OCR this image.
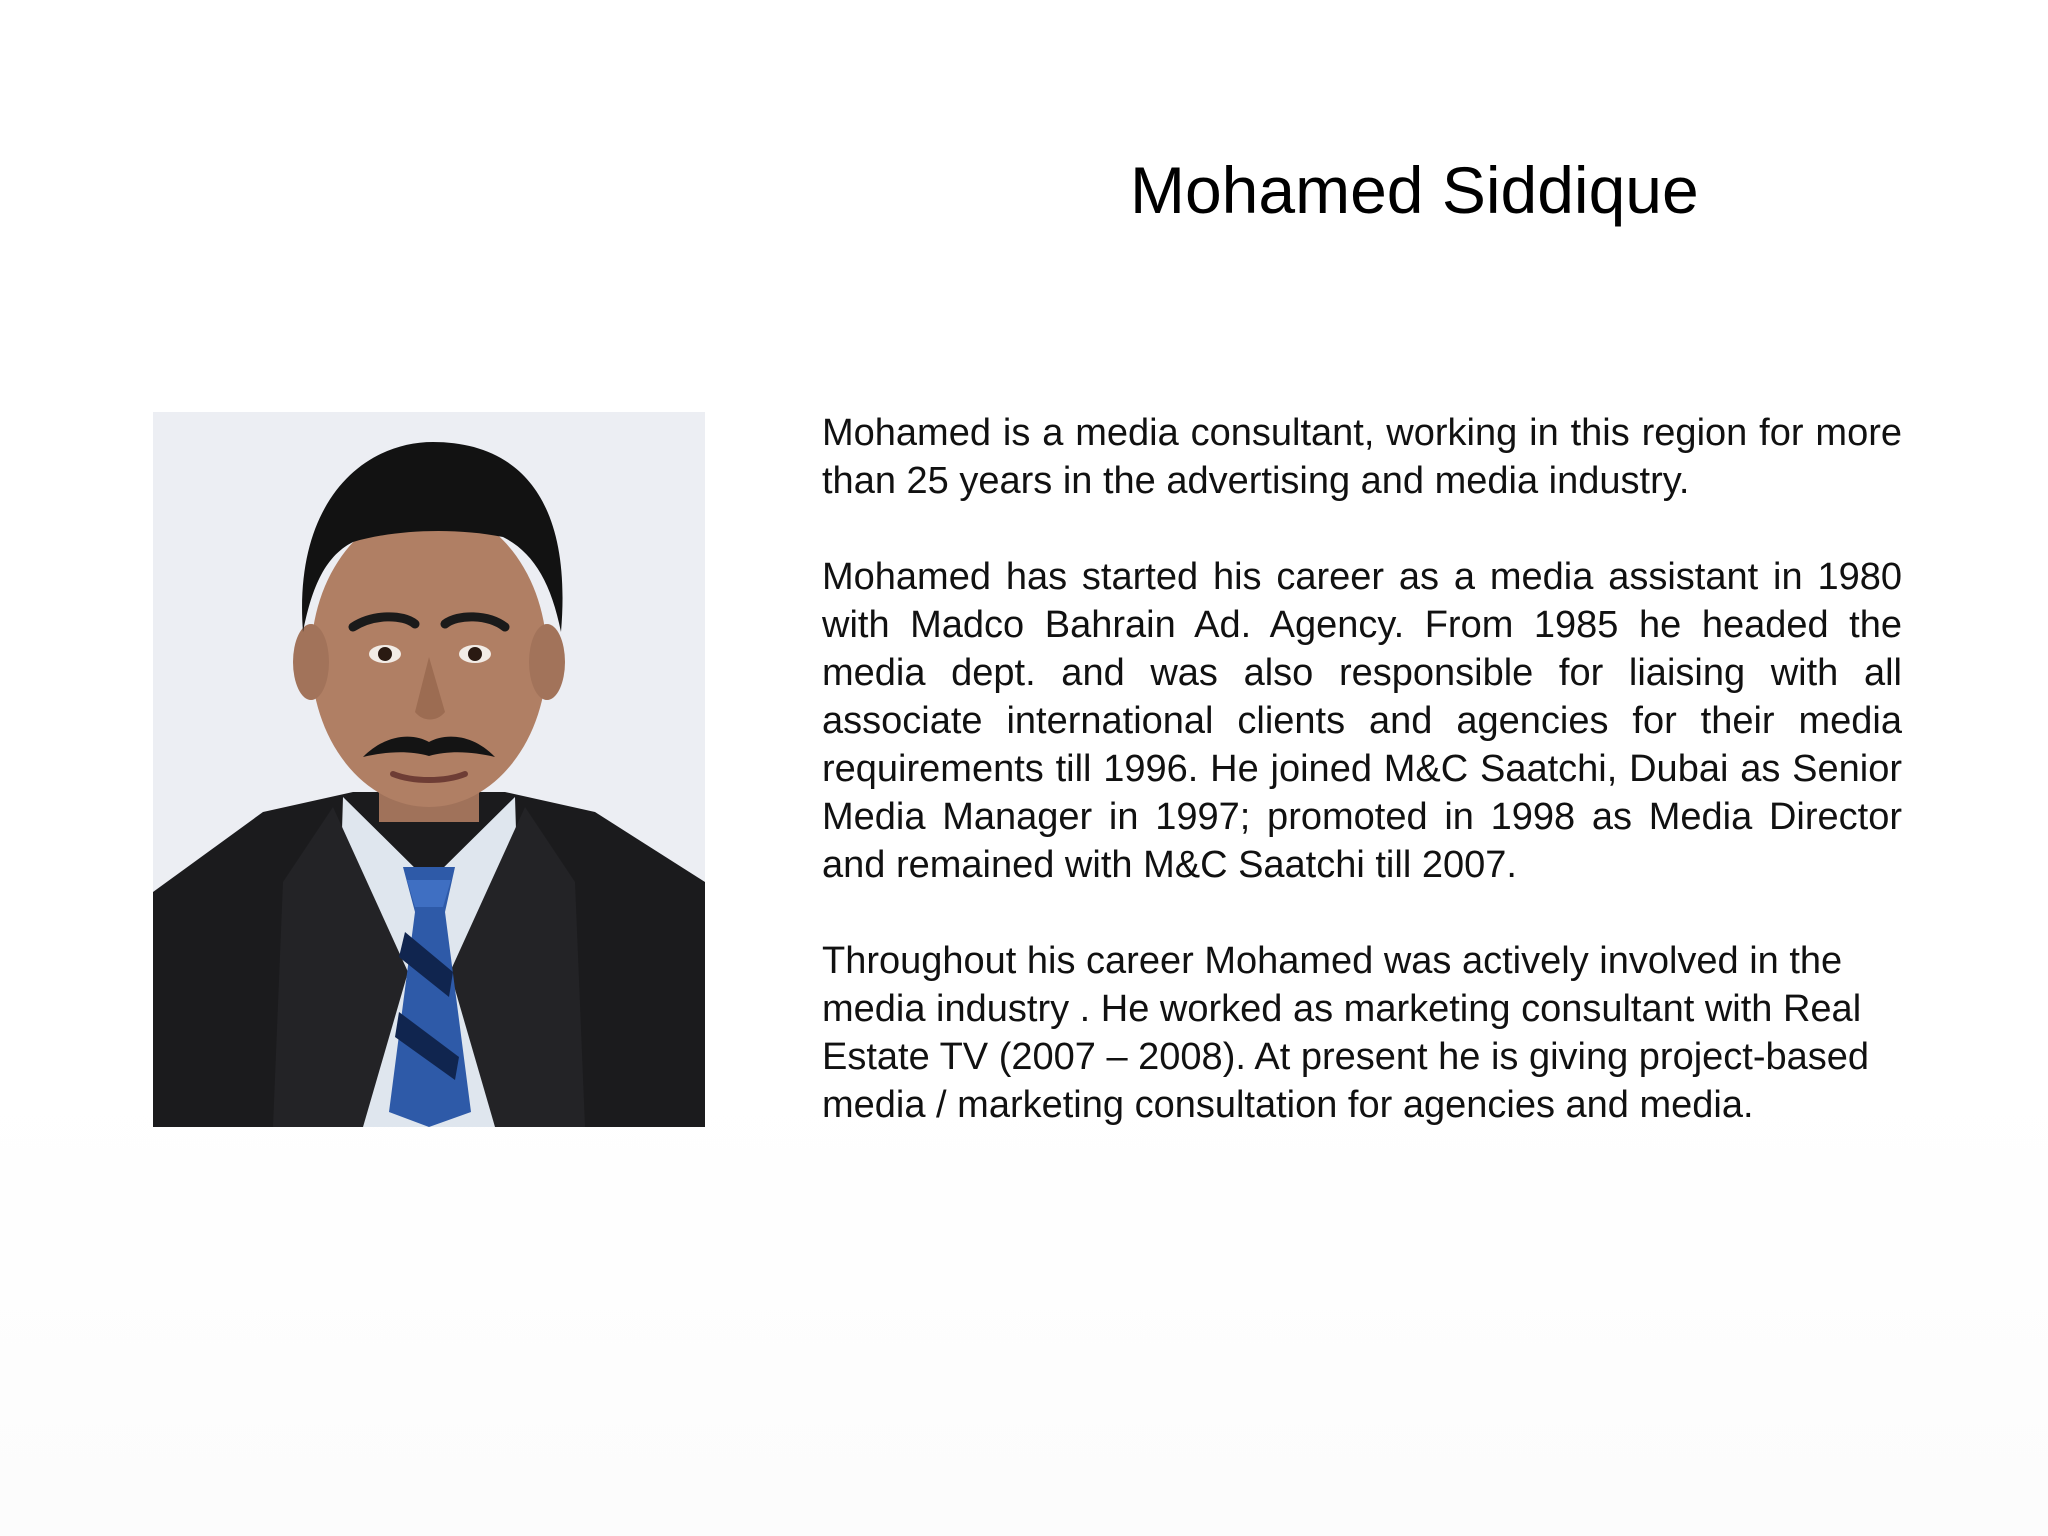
Mohamed Siddique

Mohamed is a media consultant, working in this region for more than 25 years in the advertising and media industry.

Mohamed has started his career as a media assistant in 1980 with Madco Bahrain Ad. Agency. From 1985 he headed the media dept. and was also responsible for liaising with all associate international clients and agencies for their media requirements till 1996. He joined M&C Saatchi, Dubai as Senior Media Manager in 1997; promoted in 1998 as Media Director and remained with M&C Saatchi till 2007.

Throughout his career Mohamed was actively involved in the media industry . He worked as marketing consultant with Real Estate TV (2007 – 2008). At present he is giving project-based media / marketing consultation for agencies and media.
